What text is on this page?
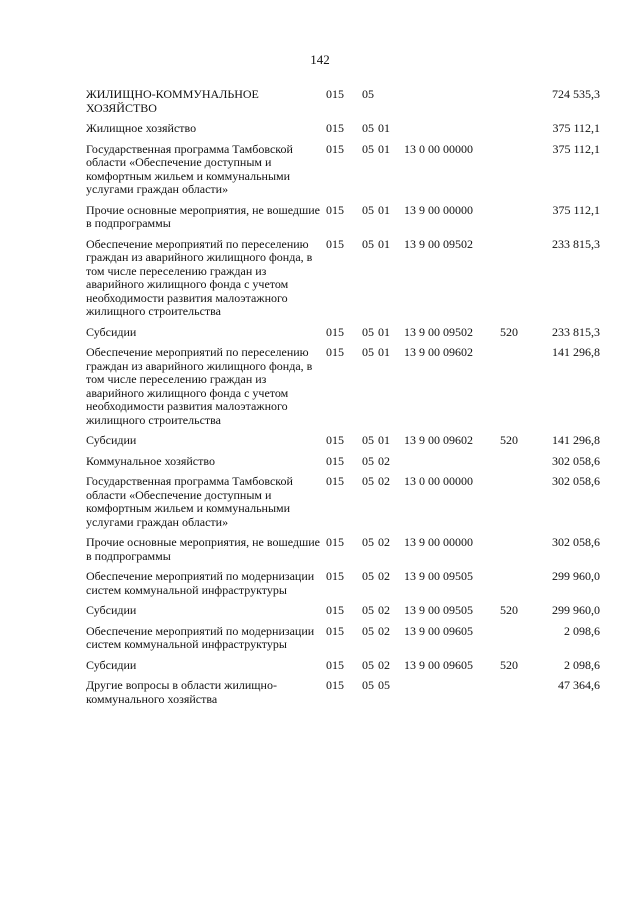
142
ЖИЛИЩНО-КОММУНАЛЬНОЕ ХОЗЯЙСТВО	015	05				724 535,3
Жилищное хозяйство	015	05	01			375 112,1
Государственная программа Тамбовской области «Обеспечение доступным и комфортным жильем и коммунальными услугами граждан области»	015	05	01	13 0 00 00000		375 112,1
Прочие основные мероприятия, не вошедшие в подпрограммы	015	05	01	13 9 00 00000		375 112,1
Обеспечение мероприятий по переселению граждан из аварийного жилищного фонда, в том числе переселению граждан из аварийного жилищного фонда с учетом необходимости развития малоэтажного жилищного строительства	015	05	01	13 9 00 09502		233 815,3
Субсидии	015	05	01	13 9 00 09502	520	233 815,3
Обеспечение мероприятий по переселению граждан из аварийного жилищного фонда, в том числе переселению граждан из аварийного жилищного фонда с учетом необходимости развития малоэтажного жилищного строительства	015	05	01	13 9 00 09602		141 296,8
Субсидии	015	05	01	13 9 00 09602	520	141 296,8
Коммунальное хозяйство	015	05	02			302 058,6
Государственная программа Тамбовской области «Обеспечение доступным и комфортным жильем и коммунальными услугами граждан области»	015	05	02	13 0 00 00000		302 058,6
Прочие основные мероприятия, не вошедшие в подпрограммы	015	05	02	13 9 00 00000		302 058,6
Обеспечение мероприятий по модернизации систем коммунальной инфраструктуры	015	05	02	13 9 00 09505		299 960,0
Субсидии	015	05	02	13 9 00 09505	520	299 960,0
Обеспечение мероприятий по модернизации систем коммунальной инфраструктуры	015	05	02	13 9 00 09605		2 098,6
Субсидии	015	05	02	13 9 00 09605	520	2 098,6
Другие вопросы в области жилищно-коммунального хозяйства	015	05	05			47 364,6
